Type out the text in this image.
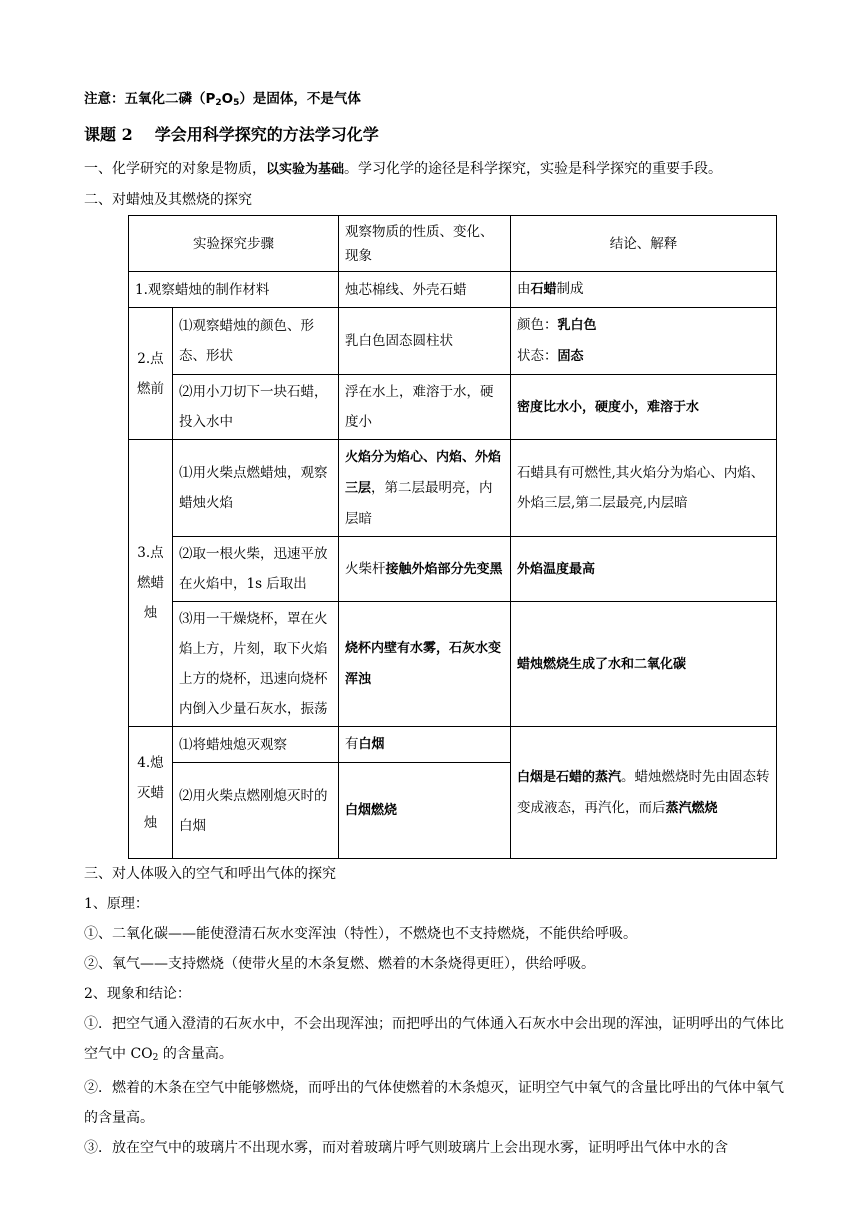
注意：五氧化二磷$(P_2O_5)$是固体，不是气体
课题 2 学会用科学探究的方法学习化学
一、化学研究的对象是物质，以实验为基础。学习化学的途径是科学探究，实验是科学探究的重要手段。
二、对蜡烛及其燃烧的探究
实验探究步骤		观察物质的性质、变化、现象	结论、解释
1.观察蜡烛的制作材料		烛芯棉线、外壳石蜡	由石蜡制成
2.点燃前	⑴观察蜡烛的颜色、形态、形状	乳白色固态圆柱状	颜色：乳白色
状态：固态

	⑵用小刀切下一块石蜡，投入水中	浮在水上，难溶于水，硬度小	密度比水小，硬度小，难溶于水
3.点燃蜡烛	⑴用火柴点燃蜡烛，观察蜡烛火焰	火焰分为焰心、内焰、外焰三层，第二层最明亮，内层暗	石蜡具有可燃性,其火焰分为焰心、内焰、外焰三层,第二层最亮,内层暗
	⑵取一根火柴，迅速平放在火焰中，1s 后取出	火柴杆接触外焰部分先变黑	外焰温度最高
	⑶用一干燥烧杯，罩在火焰上方，片刻，取下火焰上方的烧杯，迅速向烧杯内倒入少量石灰水，振荡	烧杯内壁有水雾，石灰水变浑浊	蜡烛燃烧生成了水和二氧化碳
4.熄灭蜡烛	⑴将蜡烛熄灭观察	有白烟	白烟是石蜡的蒸汽。蜡烛燃烧时先由固态转变成液态，再汽化，而后蒸汽燃烧
	⑵用火柴点燃刚熄灭时的白烟	白烟燃烧	
三、对人体吸入的空气和呼出气体的探究
1、原理：
①、二氧化碳——能使澄清石灰水变浑浊（特性），不燃烧也不支持燃烧，不能供给呼吸。
②、氧气——支持燃烧（使带火星的木条复燃、燃着的木条烧得更旺），供给呼吸。
2、现象和结论：
①．把空气通入澄清的石灰水中，不会出现浑浊；而把呼出的气体通入石灰水中会出现的浑浊，证明呼出的气体比空气中 $CO_2$ 的含量高。
②．燃着的木条在空气中能够燃烧，而呼出的气体使燃着的木条熄灭，证明空气中氧气的含量比呼出的气体中氧气的含量高。
③．放在空气中的玻璃片不出现水雾，而对着玻璃片呼气则玻璃片上会出现水雾，证明呼出气体中水的含
